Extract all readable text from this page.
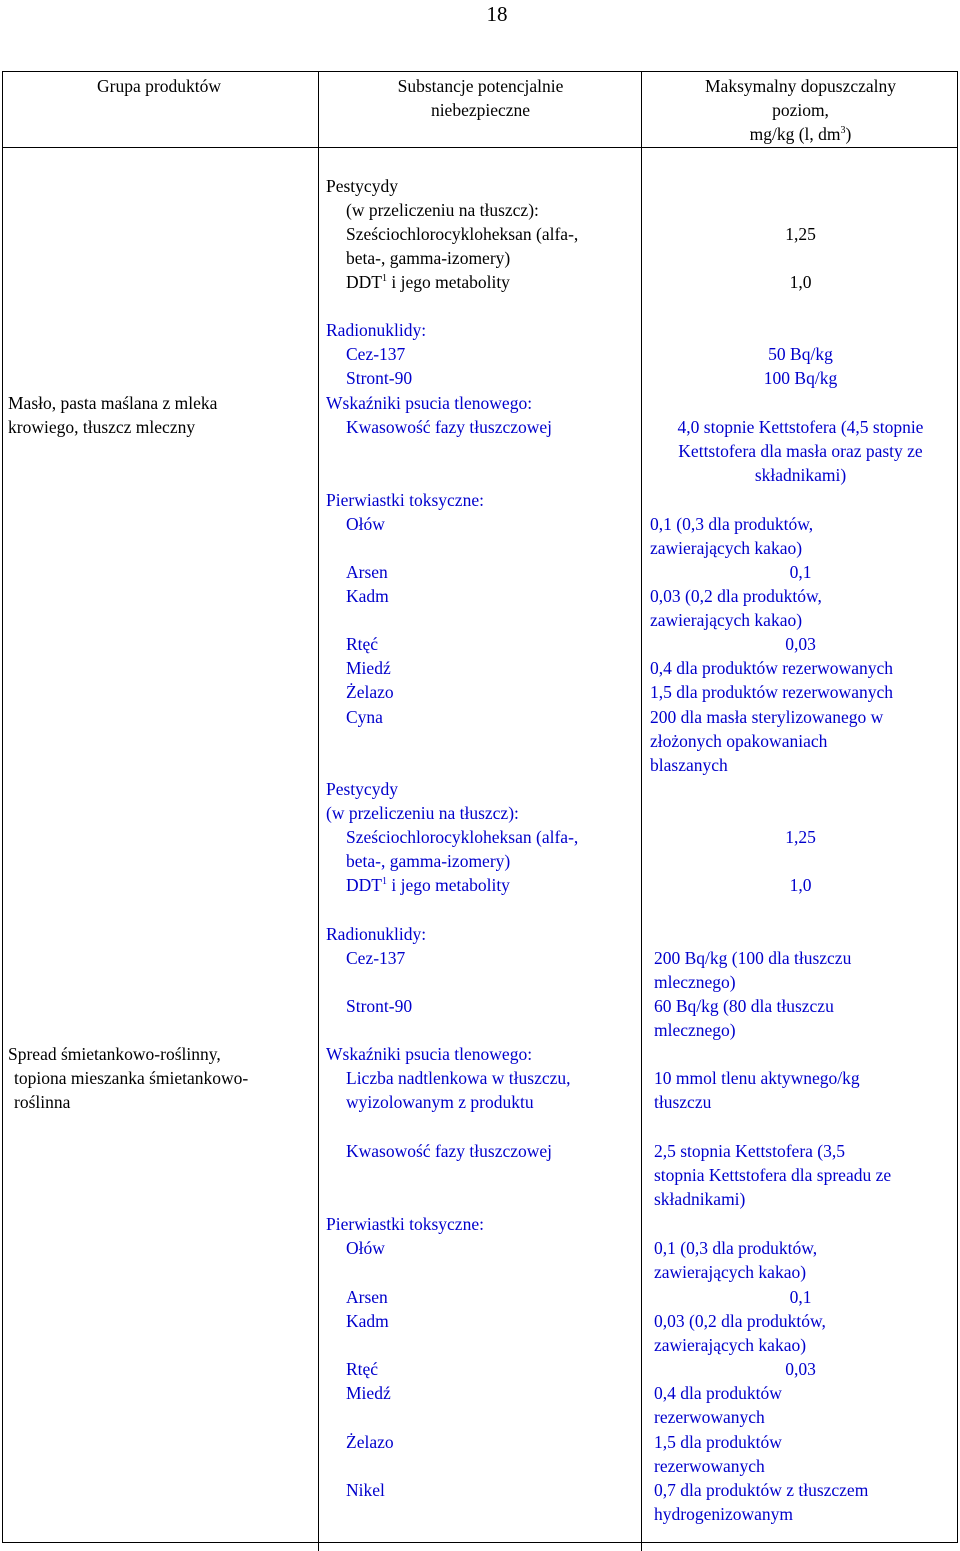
18
Grupa produktów	Substancje potencjalnie
niebezpieczne
Maksymalny dopuszczalny
poziom,
mg/kg (l, $dm^3$)
Pestycydy
(w przeliczeniu na tłuszcz):
Sześciochlorocykloheksan (alfa-,
beta-, gamma-izomery)
DDT$^1$ i jego metabolity
1,25
1,0
Masło, pasta maślana z mleka
krowiego, tłuszcz mleczny
Radionuklidy:
Cez-137
Stront-90
Wskaźniki psucia tlenowego:
Kwasowość fazy tłuszczowej
Pierwiastki toksyczne:
Ołów
Arsen
Kadm
Rtęć
Miedź
Żelazo
Cyna
Pestycydy
(w przeliczeniu na tłuszcz):
Sześciochlorocykloheksan (alfa-,
beta-, gamma-izomery)
DDT$^1$ i jego metabolity
50 Bq/kg
100 Bq/kg
4,0 stopnie Kettstofera (4,5 stopnie
Kettstofera dla masła oraz pasty ze
składnikami)
0,1 (0,3 dla produktów,
zawierających kakao)
0,1
0,03 (0,2 dla produktów,
zawierających kakao)
0,03
0,4 dla produktów rezerwowanych
1,5 dla produktów rezerwowanych
200 dla masła sterylizowanego w
złożonych opakowaniach
blaszanych
1,25
1,0
Spread śmietankowo-roślinny,
topiona mieszanka śmietankowo-
roślinna
Radionuklidy:
Cez-137
Stront-90
Wskaźniki psucia tlenowego:
Liczba nadtlenkowa w tłuszczu,
wyizolowanym z produktu
Kwasowość fazy tłuszczowej
Pierwiastki toksyczne:
Ołów
Arsen
Kadm
Rtęć
Miedź
Żelazo
Nikel
200 Bq/kg (100 dla tłuszczu
mlecznego)
60 Bq/kg (80 dla tłuszczu
mlecznego)
10 mmol tlenu aktywnego/kg
tłuszczu
2,5 stopnia Kettstofera (3,5
stopnia Kettstofera dla spreadu ze
składnikami)
0,1 (0,3 dla produktów,
zawierających kakao)
0,1
0,03 (0,2 dla produktów,
zawierających kakao)
0,03
0,4 dla produktów
rezerwowanych
1,5 dla produktów
rezerwowanych
0,7 dla produktów z tłuszczem
hydrogenizowanym
